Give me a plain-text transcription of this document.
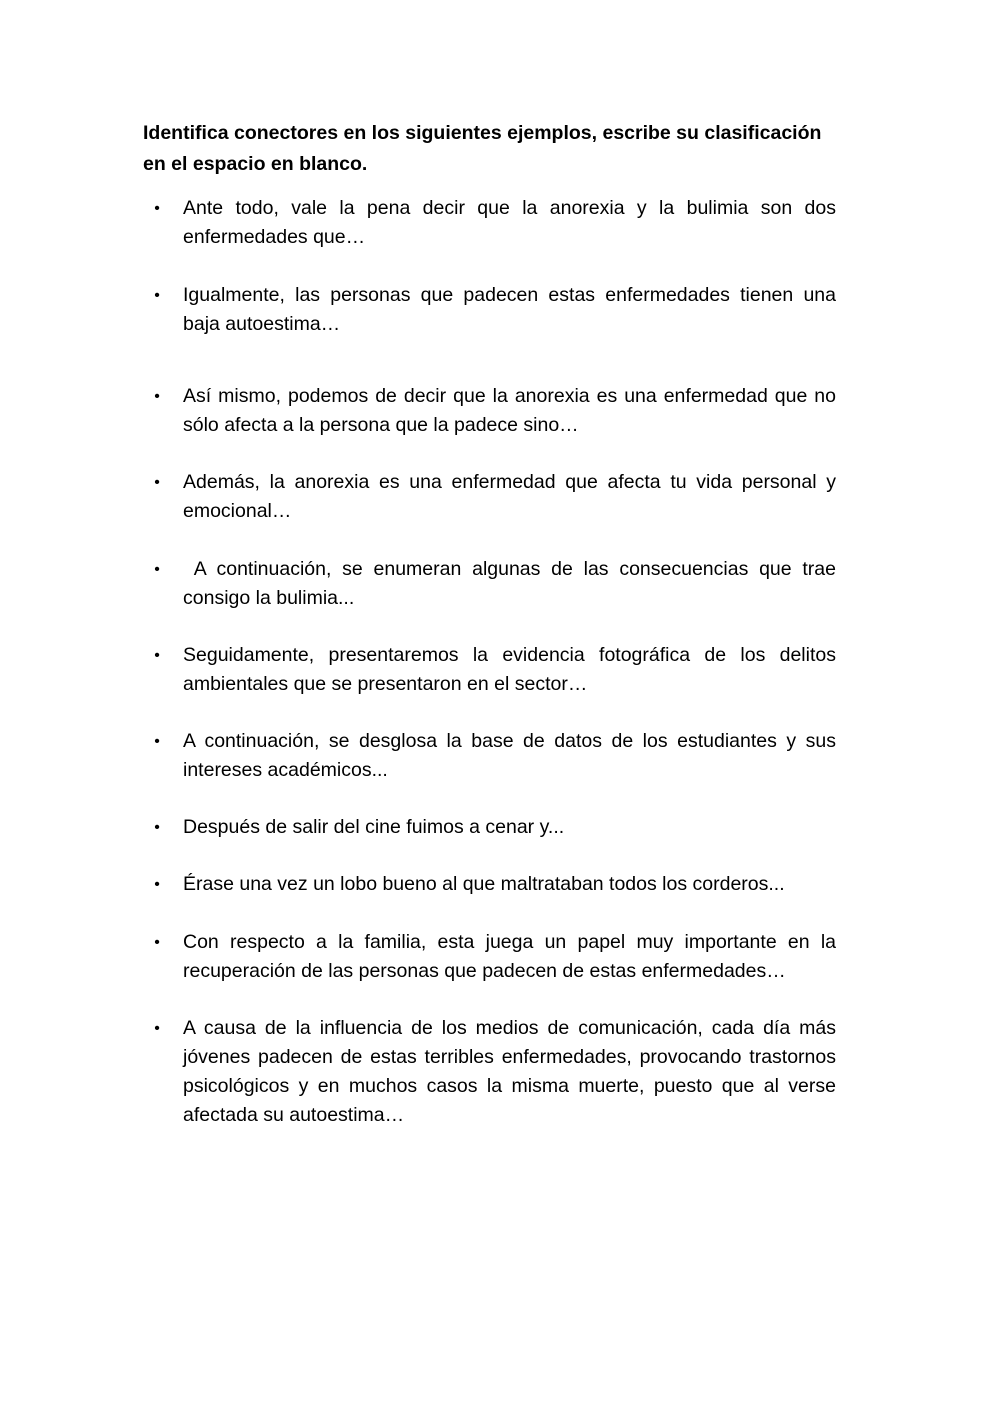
Identifica conectores en los siguientes ejemplos, escribe su clasificación en el espacio en blanco.

• Ante todo, vale la pena decir que la anorexia y la bulimia son dos enfermedades que…

• Igualmente, las personas que padecen estas enfermedades tienen una baja autoestima…

• Así mismo, podemos de decir que la anorexia es una enfermedad que no sólo afecta a la persona que la padece sino…

• Además, la anorexia es una enfermedad que afecta tu vida personal y emocional…

• A continuación, se enumeran algunas de las consecuencias que trae consigo la bulimia...

• Seguidamente, presentaremos la evidencia fotográfica de los delitos ambientales que se presentaron en el sector…

• A continuación, se desglosa la base de datos de los estudiantes y sus intereses académicos...

• Después de salir del cine fuimos a cenar y...

• Érase una vez un lobo bueno al que maltrataban todos los corderos...

• Con respecto a la familia, esta juega un papel muy importante en la recuperación de las personas que padecen de estas enfermedades…

• A causa de la influencia de los medios de comunicación, cada día más jóvenes padecen de estas terribles enfermedades, provocando trastornos psicológicos y en muchos casos la misma muerte, puesto que al verse afectada su autoestima…
